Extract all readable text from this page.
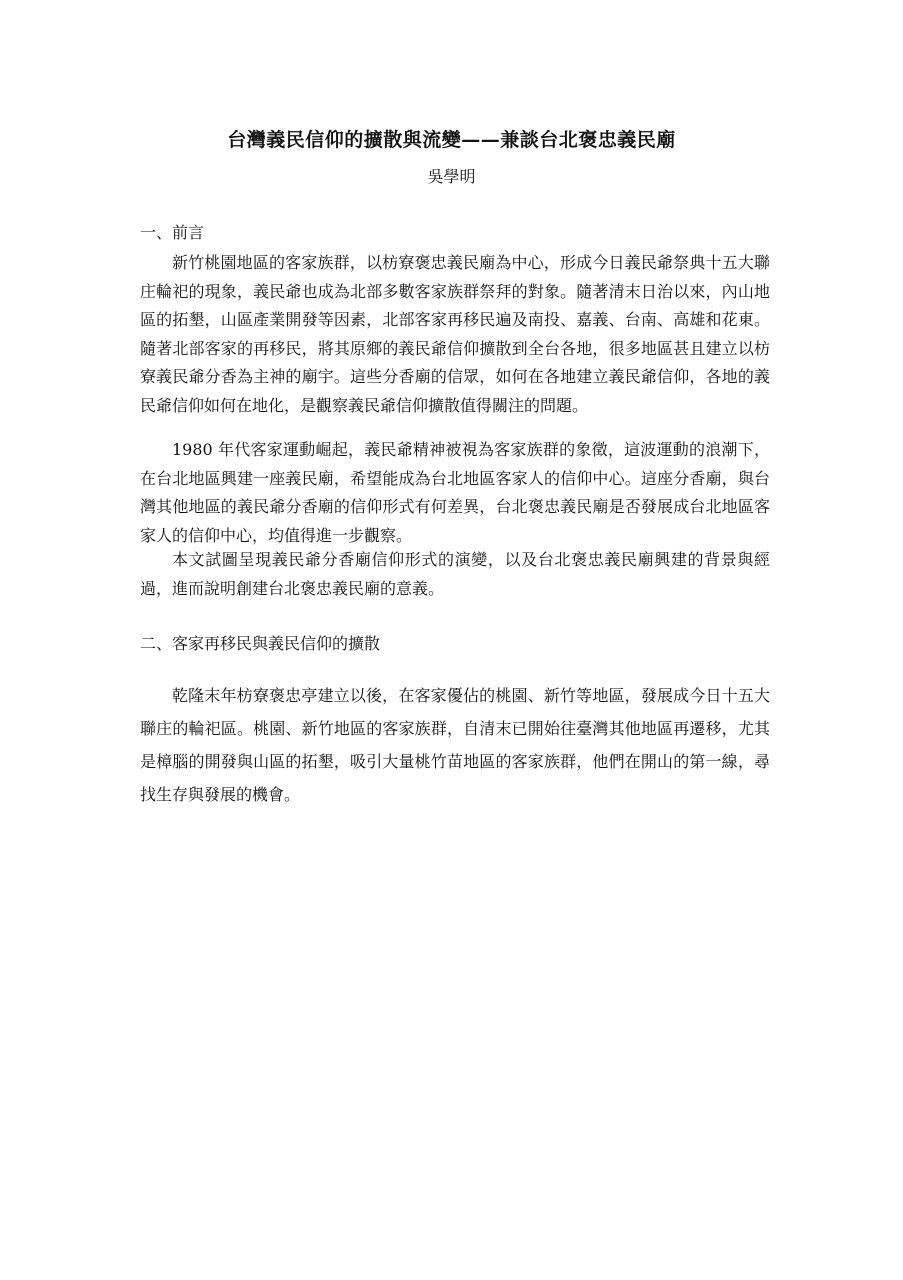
台灣義民信仰的擴散與流變——兼談台北褒忠義民廟
吳學明
一、前言
新竹桃園地區的客家族群，以枋寮褒忠義民廟為中心，形成今日義民爺祭典十五大聯庄輪祀的現象，義民爺也成為北部多數客家族群祭拜的對象。隨著清末日治以來，內山地區的拓墾，山區產業開發等因素，北部客家再移民遍及南投、嘉義、台南、高雄和花東。隨著北部客家的再移民，將其原鄉的義民爺信仰擴散到全台各地，很多地區甚且建立以枋寮義民爺分香為主神的廟宇。這些分香廟的信眾，如何在各地建立義民爺信仰，各地的義民爺信仰如何在地化，是觀察義民爺信仰擴散值得關注的問題。
1980 年代客家運動崛起，義民爺精神被視為客家族群的象徵，這波運動的浪潮下，在台北地區興建一座義民廟，希望能成為台北地區客家人的信仰中心。這座分香廟，與台灣其他地區的義民爺分香廟的信仰形式有何差異，台北褒忠義民廟是否發展成台北地區客家人的信仰中心，均值得進一步觀察。
本文試圖呈現義民爺分香廟信仰形式的演變，以及台北褒忠義民廟興建的背景與經過，進而說明創建台北褒忠義民廟的意義。
二、客家再移民與義民信仰的擴散
乾隆末年枋寮褒忠亭建立以後，在客家優佔的桃園、新竹等地區，發展成今日十五大聯庄的輪祀區。桃園、新竹地區的客家族群，自清末已開始往臺灣其他地區再遷移，尤其是樟腦的開發與山區的拓墾，吸引大量桃竹苗地區的客家族群，他們在開山的第一線，尋找生存與發展的機會。
